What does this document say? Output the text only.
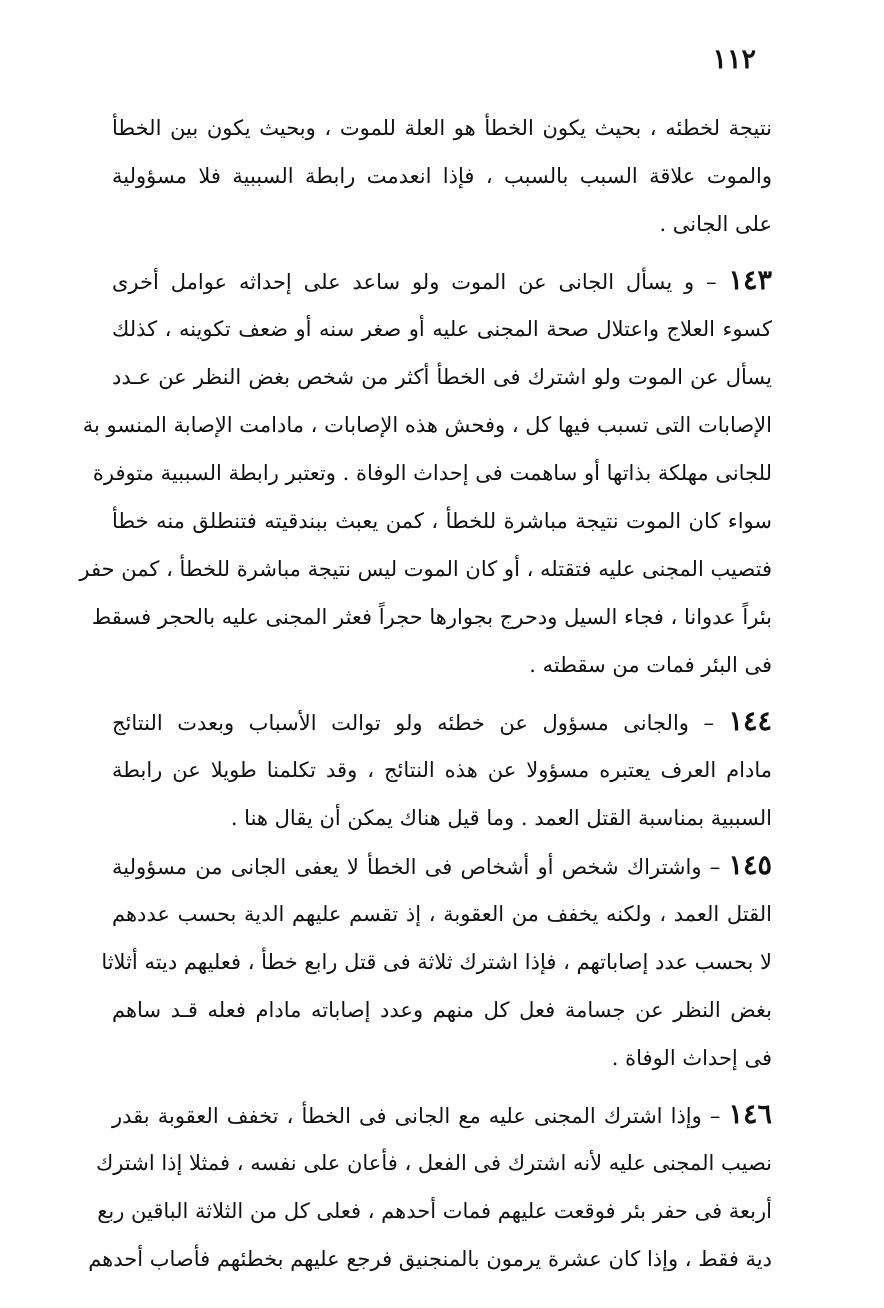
١١٢
نتيجة لخطئه ، بحيث يكون الخطأ هو العلة للموت ، وبحيث يكون بين الخطأ
والموت علاقة السبب بالسبب ، فإذا انعدمت رابطة السببية فلا مسؤولية
على الجانى .
١٤٣ – و يسأل الجانى عن الموت ولو ساعد على إحداثه عوامل أخرى
كسوء العلاج واعتلال صحة المجنى عليه أو صغر سنه أو ضعف تكوينه ، كذلك
يسأل عن الموت ولو اشترك فى الخطأ أكثر من شخص بغض النظر عن عـدد
الإصابات التى تسبب فيها كل ، وفحش هذه الإصابات ، مادامت الإصابة المنسو بة
للجانى مهلكة بذاتها أو ساهمت فى إحداث الوفاة . وتعتبر رابطة السببية متوفرة
سواء كان الموت نتيجة مباشرة للخطأ ، كمن يعبث ببندقيته فتنطلق منه خطأ
فتصيب المجنى عليه فتقتله ، أو كان الموت ليس نتيجة مباشرة للخطأ ، كمن حفر
بئراً عدوانا ، فجاء السيل ودحرج بجوارها حجراً فعثر المجنى عليه بالحجر فسقط
فى البئر فمات من سقطته .
١٤٤ – والجانى مسؤول عن خطئه ولو توالت الأسباب وبعدت النتائج
مادام العرف يعتبره مسؤولا عن هذه النتائج ، وقد تكلمنا طويلا عن رابطة
السببية بمناسبة القتل العمد . وما قيل هناك يمكن أن يقال هنا .
١٤٥ – واشتراك شخص أو أشخاص فى الخطأ لا يعفى الجانى من مسؤولية
القتل العمد ، ولكنه يخفف من العقوبة ، إذ تقسم عليهم الدية بحسب عددهم
لا بحسب عدد إصاباتهم ، فإذا اشترك ثلاثة فى قتل رابع خطأ ، فعليهم ديته أثلاثا
بغض النظر عن جسامة فعل كل منهم وعدد إصاباته مادام فعله قـد ساهم
فى إحداث الوفاة .
١٤٦ – وإذا اشترك المجنى عليه مع الجانى فى الخطأ ، تخفف العقوبة بقدر
نصيب المجنى عليه لأنه اشترك فى الفعل ، فأعان على نفسه ، فمثلا إذا اشترك
أربعة فى حفر بئر فوقعت عليهم فمات أحدهم ، فعلى كل من الثلاثة الباقين ربع
دية فقط ، وإذا كان عشرة يرمون بالمنجنيق فرجع عليهم بخطئهم فأصاب أحدهم
